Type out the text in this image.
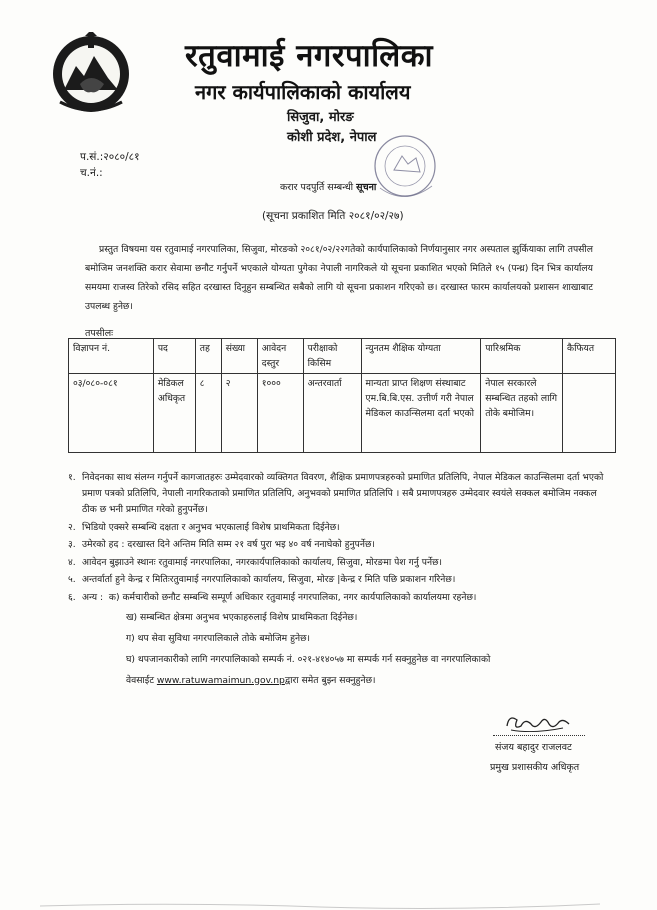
रतुवामाई नगरपालिका
नगर कार्यपालिकाको कार्यालय
सिजुवा, मोरङ
कोशी प्रदेश, नेपाल
प.सं.:२०८०/८१
च.नं.:
करार पदपुर्ति सम्बन्धी सूचना
(सूचना प्रकाशित मिति २०८१/०२/२७)
प्रस्तुत विषयमा यस रतुवामाई नगरपालिका, सिजुवा, मोरङको २०८१/०२/२२गतेको कार्यपालिकाको निर्णयानुसार नगर अस्पताल झुर्कियाका लागि तपसील बमोजिम जनशक्ति करार सेवामा छनौट गर्नुपर्ने भएकाले योग्यता पुगेका नेपाली नागरिकले यो सूचना प्रकाशित भएको मितिले १५ (पन्ध्र) दिन भित्र कार्यालय समयमा राजस्व तिरेको रसिद सहित दरखास्त दिनुहुन सम्बन्धित सबैको लागि यो सूचना प्रकाशन गरिएको छ। दरखास्त फारम कार्यालयको प्रशासन शाखाबाट उपलब्ध हुनेछ।
तपसीलः
विज्ञापन नं.	पद	तह	संख्या	आवेदन दस्तुर	परीक्षाको किसिम	न्युनतम शैक्षिक योग्यता	पारिश्रमिक	कैफियत
०३/०८०-०८१	मेडिकल अधिकृत	८	२	१०००	अन्तरवार्ता	मान्यता प्राप्त शिक्षण संस्थाबाट एम.बि.बि.एस. उत्तीर्ण गरी नेपाल मेडिकल काउन्सिलमा दर्ता भएको	नेपाल सरकारले सम्बन्धित तहको लागि तोके बमोजिम।	
१. निवेदनका साथ संलग्न गर्नुपर्ने कागजातहरुः उम्मेदवारको व्यक्तिगत विवरण, शैक्षिक प्रमाणपत्रहरुको प्रमाणित प्रतिलिपि, नेपाल मेडिकल काउन्सिलमा दर्ता भएको प्रमाण पत्रको प्रतिलिपि, नेपाली नागरिकताको प्रमाणित प्रतिलिपि, अनुभवको प्रमाणित प्रतिलिपि । सबै प्रमाणपत्रहरु उम्मेदवार स्वयंले सक्कल बमोजिम नक्कल ठीक छ भनी प्रमाणित गरेको हुनुपर्नेछ।
२. भिडियो एक्सरे सम्बन्धि दक्षता र अनुभव भएकालाई विशेष प्राथमिकता दिईनेछ।
३. उमेरको हद : दरखास्त दिने अन्तिम मिति सम्म २१ वर्ष पुरा भइ ४० वर्ष ननाघेको हुनुपर्नेछ।
४. आवेदन बुझाउने स्थानः रतुवामाई नगरपालिका, नगरकार्यपालिकाको कार्यालय, सिजुवा, मोरङमा पेश गर्नु पर्नेछ।
५. अन्तर्वार्ता हुने केन्द्र र मितिःरतुवामाई नगरपालिकाको कार्यालय, सिजुवा, मोरङ |केन्द्र र मिति पछि प्रकाशन गरिनेछ।
६. अन्य : क) कर्मचारीको छनौट सम्बन्धि सम्पूर्ण अधिकार रतुवामाई नगरपालिका, नगर कार्यपालिकाको कार्यालयमा रहनेछ।
ख) सम्बन्धित क्षेत्रमा अनुभव भएकाहरुलाई विशेष प्राथमिकता दिईनेछ।
ग) थप सेवा सुविधा नगरपालिकाले तोके बमोजिम हुनेछ।
घ) थपजानकारीको लागि नगरपालिकाको सम्पर्क नं. ०२१-४१४०५७ मा सम्पर्क गर्न सक्नुहुनेछ वा नगरपालिकाको
वेवसाईट www.ratuwamaimun.gov.npद्वारा समेत बुझ्न सक्नुहुनेछ।
संजय बहादुर राजलवट
प्रमुख प्रशासकीय अधिकृत
